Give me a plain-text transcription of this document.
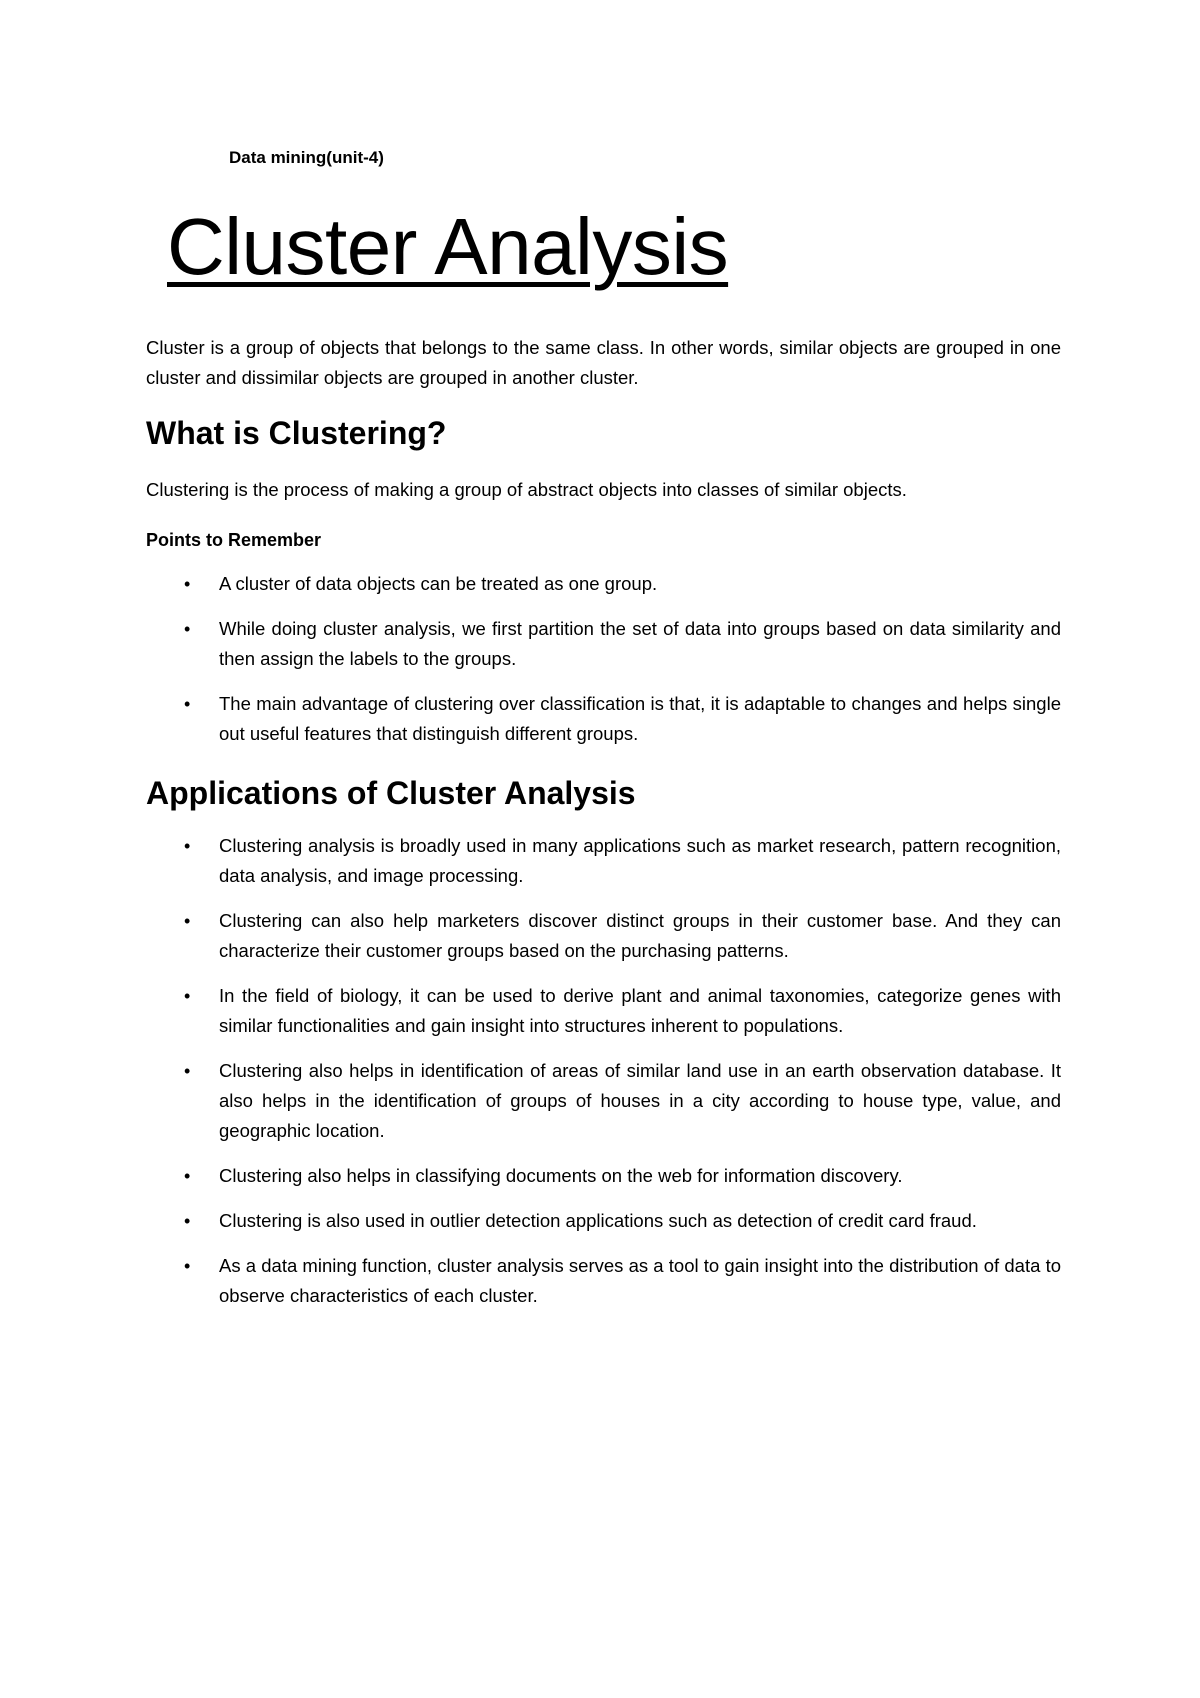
Data mining(unit-4)

Cluster Analysis

Cluster is a group of objects that belongs to the same class. In other words, similar objects are grouped in one cluster and dissimilar objects are grouped in another cluster.

What is Clustering?

Clustering is the process of making a group of abstract objects into classes of similar objects.

Points to Remember

• A cluster of data objects can be treated as one group.
• While doing cluster analysis, we first partition the set of data into groups based on data similarity and then assign the labels to the groups.
• The main advantage of clustering over classification is that, it is adaptable to changes and helps single out useful features that distinguish different groups.
Applications of Cluster Analysis
• Clustering analysis is broadly used in many applications such as market research, pattern recognition, data analysis, and image processing.
• Clustering can also help marketers discover distinct groups in their customer base. And they can characterize their customer groups based on the purchasing patterns.
• In the field of biology, it can be used to derive plant and animal taxonomies, categorize genes with similar functionalities and gain insight into structures inherent to populations.
• Clustering also helps in identification of areas of similar land use in an earth observation database. It also helps in the identification of groups of houses in a city according to house type, value, and geographic location.
• Clustering also helps in classifying documents on the web for information discovery.
• Clustering is also used in outlier detection applications such as detection of credit card fraud.
• As a data mining function, cluster analysis serves as a tool to gain insight into the distribution of data to observe characteristics of each cluster.
